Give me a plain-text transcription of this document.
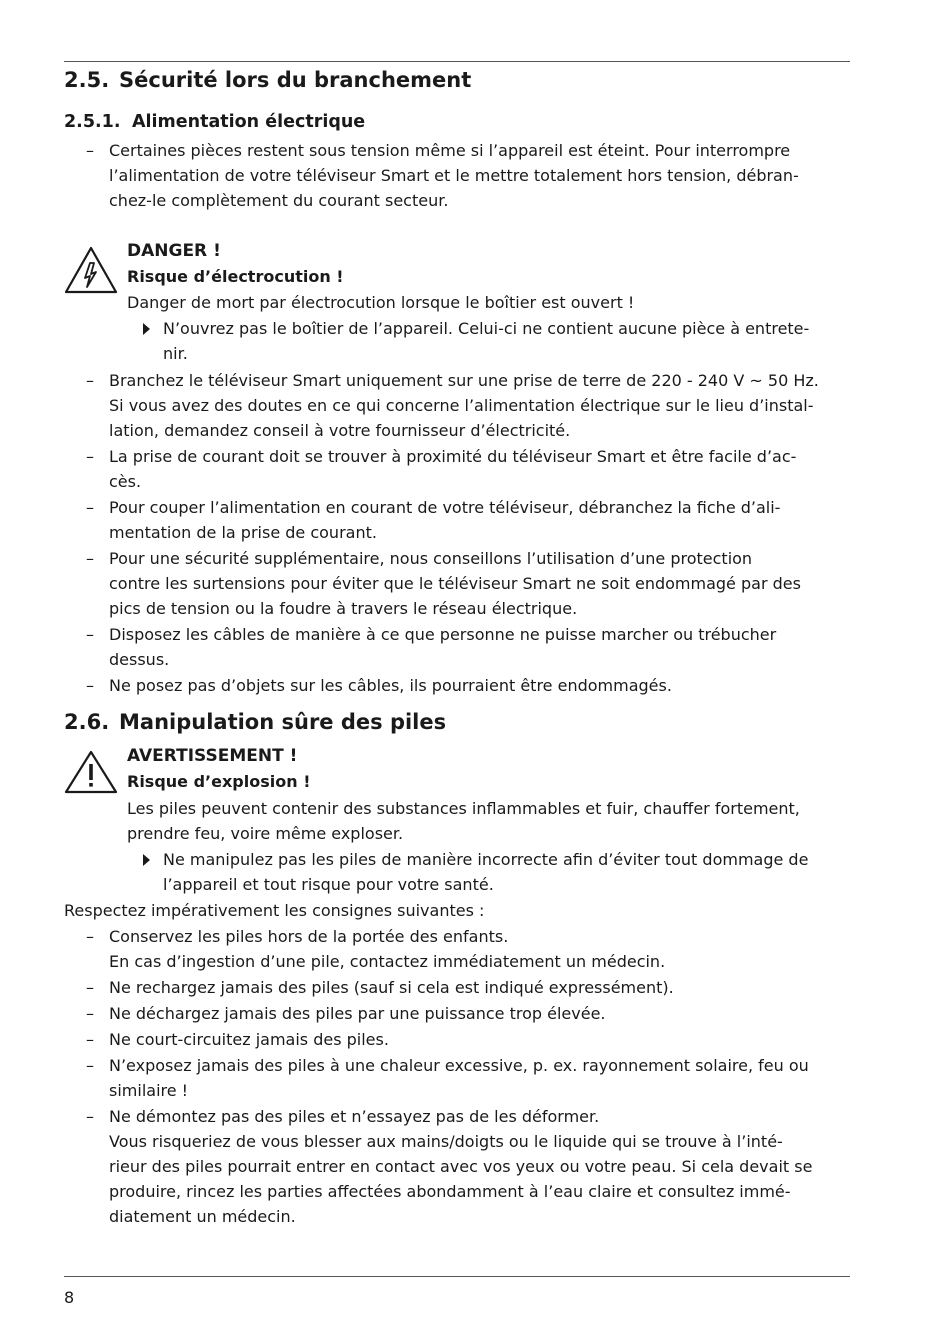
2.5. Sécurité lors du branchement
2.5.1. Alimentation électrique
– Certaines pièces restent sous tension même si l’appareil est éteint. Pour interrompre
l’alimentation de votre téléviseur Smart et le mettre totalement hors tension, débran-
chez-le complètement du courant secteur.
DANGER !
Risque d’électrocution !
Danger de mort par électrocution lorsque le boîtier est ouvert !
N’ouvrez pas le boîtier de l’appareil. Celui-ci ne contient aucune pièce à entrete-
nir.
– Branchez le téléviseur Smart uniquement sur une prise de terre de 220 - 240 V ~ 50 Hz.
Si vous avez des doutes en ce qui concerne l’alimentation électrique sur le lieu d’instal-
lation, demandez conseil à votre fournisseur d’électricité.
– La prise de courant doit se trouver à proximité du téléviseur Smart et être facile d’ac-
cès.
– Pour couper l’alimentation en courant de votre téléviseur, débranchez la fiche d’ali-
mentation de la prise de courant.
– Pour une sécurité supplémentaire, nous conseillons l’utilisation d’une protection
contre les surtensions pour éviter que le téléviseur Smart ne soit endommagé par des
pics de tension ou la foudre à travers le réseau électrique.
– Disposez les câbles de manière à ce que personne ne puisse marcher ou trébucher
dessus.
– Ne posez pas d’objets sur les câbles, ils pourraient être endommagés.
2.6. Manipulation sûre des piles
AVERTISSEMENT !
Risque d’explosion !
Les piles peuvent contenir des substances inflammables et fuir, chauffer fortement,
prendre feu, voire même exploser.
Ne manipulez pas les piles de manière incorrecte afin d’éviter tout dommage de
l’appareil et tout risque pour votre santé.
Respectez impérativement les consignes suivantes :
– Conservez les piles hors de la portée des enfants.
En cas d’ingestion d’une pile, contactez immédiatement un médecin.
– Ne rechargez jamais des piles (sauf si cela est indiqué expressément).
– Ne déchargez jamais des piles par une puissance trop élevée.
– Ne court-circuitez jamais des piles.
– N’exposez jamais des piles à une chaleur excessive, p. ex. rayonnement solaire, feu ou
similaire !
– Ne démontez pas des piles et n’essayez pas de les déformer.
Vous risqueriez de vous blesser aux mains/doigts ou le liquide qui se trouve à l’inté-
rieur des piles pourrait entrer en contact avec vos yeux ou votre peau. Si cela devait se
produire, rincez les parties affectées abondamment à l’eau claire et consultez immé-
diatement un médecin.
8
